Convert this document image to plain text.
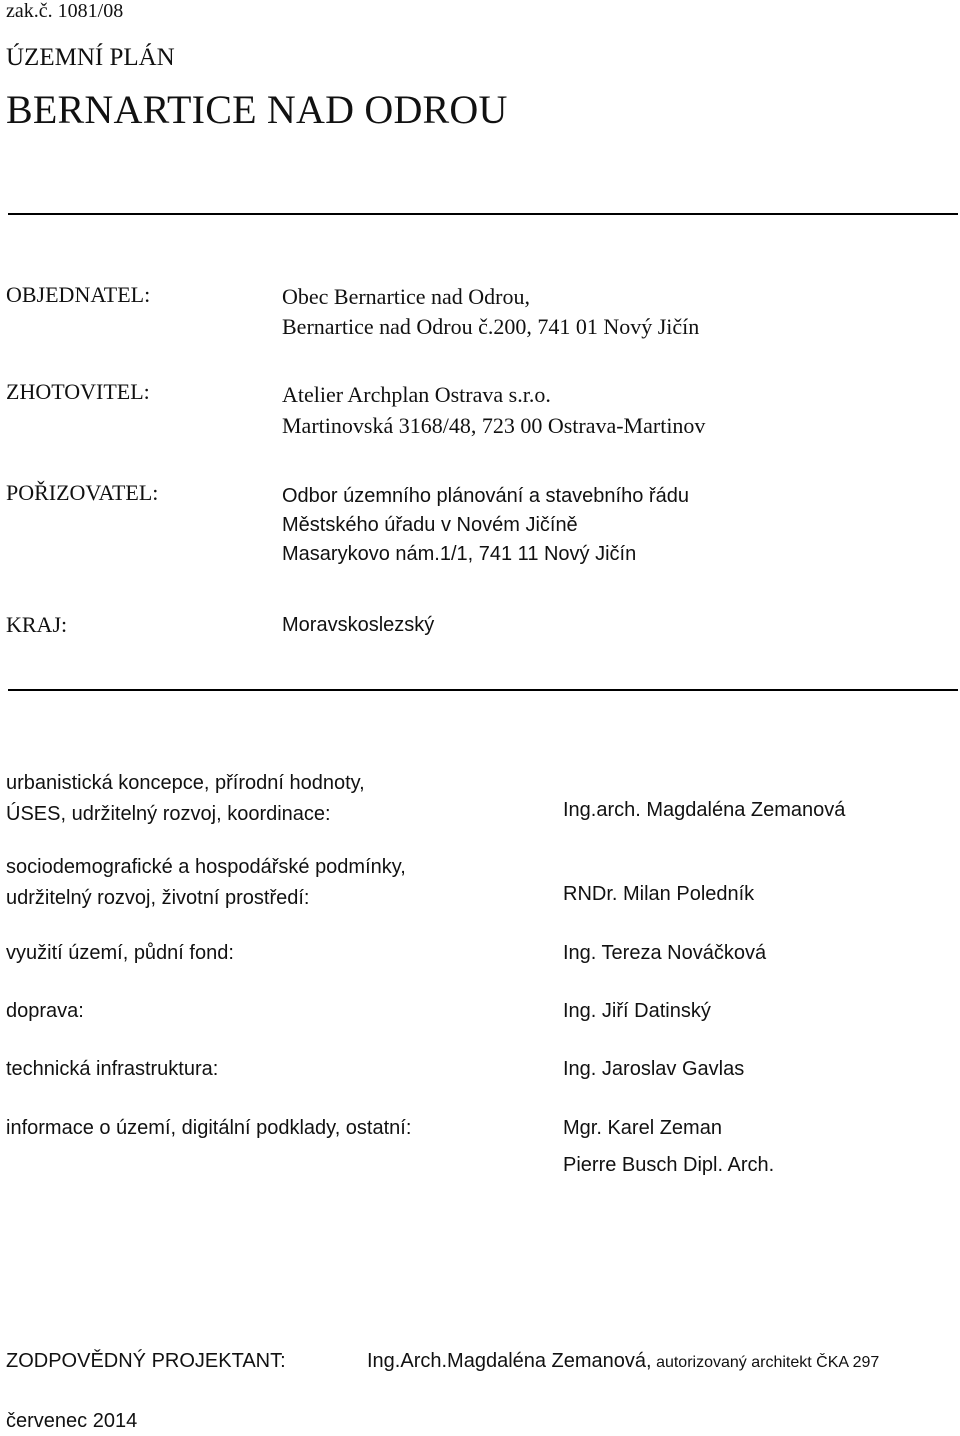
zak.č. 1081/08
ÚZEMNÍ PLÁN
BERNARTICE NAD ODROU
OBJEDNATEL:	Obec Bernartice nad Odrou,
Bernartice nad Odrou č.200, 741 01 Nový Jičín
ZHOTOVITEL:	Atelier Archplan Ostrava s.r.o.
Martinovská 3168/48, 723 00 Ostrava-Martinov
POŘIZOVATEL:	Odbor územního plánování a stavebního řádu
Městského úřadu v Novém Jičíně
Masarykovo nám.1/1, 741 11 Nový Jičín
KRAJ:	Moravskoslezský
urbanistická koncepce, přírodní hodnoty,
ÚSES, udržitelný rozvoj, koordinace:	Ing.arch. Magdaléna Zemanová
sociodemografické a hospodářské podmínky,
udržitelný rozvoj, životní prostředí:	RNDr. Milan Poledník
využití území, půdní fond:	Ing. Tereza Nováčková
doprava:	Ing. Jiří Datinský
technická infrastruktura:	Ing. Jaroslav Gavlas
informace o území, digitální podklady, ostatní:	Mgr. Karel Zeman
Pierre Busch Dipl. Arch.
ZODPOVĚDNÝ PROJEKTANT:	Ing.Arch.Magdaléna Zemanová, autorizovaný architekt ČKA 297
červenec 2014
